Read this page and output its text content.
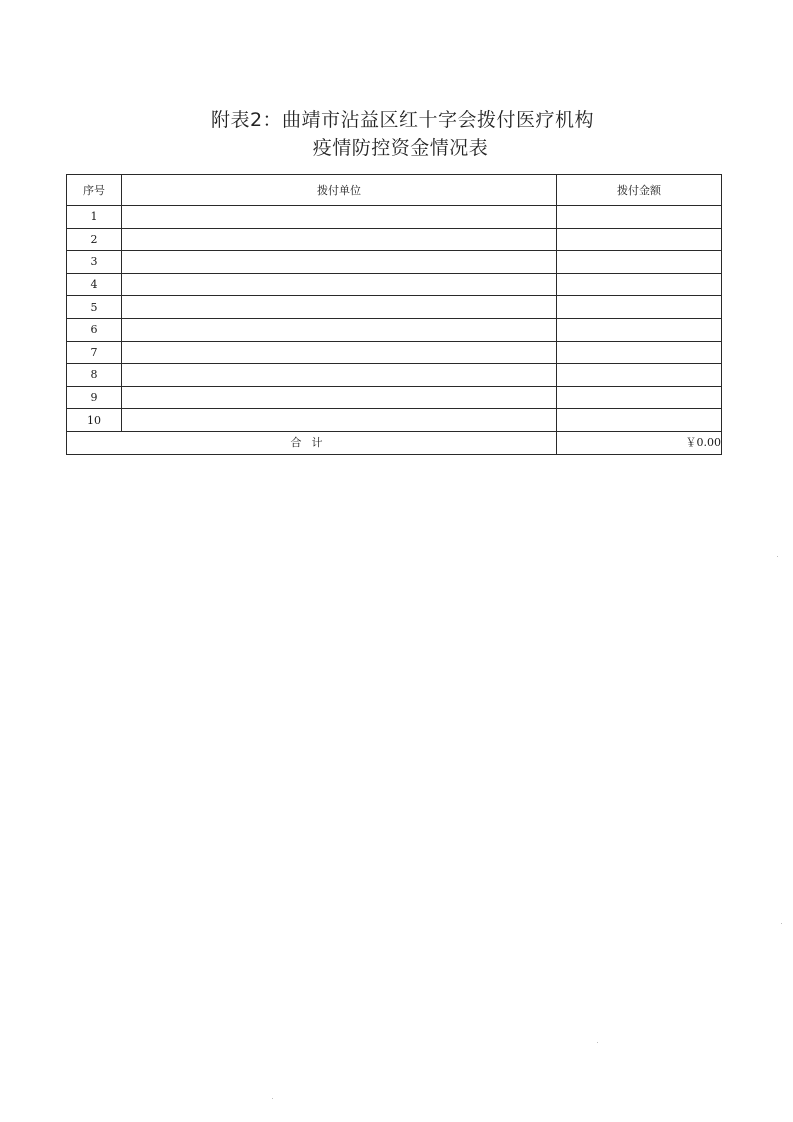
附表2：曲靖市沾益区红十字会拨付医疗机构
疫情防控资金情况表
序号	拨付单位	拨付金额
1		
2		
3		
4		
5		
6		
7		
8		
9		
10		
合计		￥0.00
